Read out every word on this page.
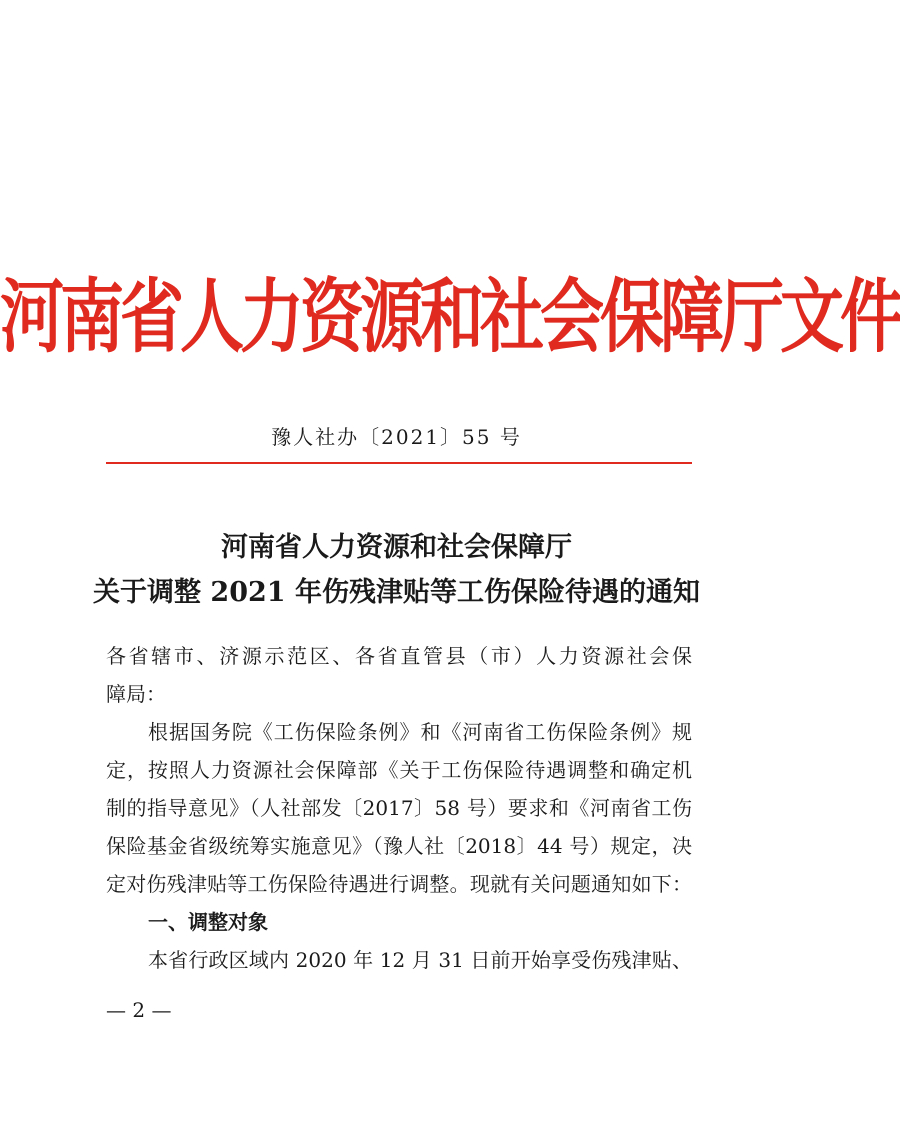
河南省人力资源和社会保障厅文件
豫人社办〔2021〕55 号
河南省人力资源和社会保障厅
关于调整 2021 年伤残津贴等工伤保险待遇的通知
各省辖市、济源示范区、各省直管县（市）人力资源社会保
障局：
根据国务院《工伤保险条例》和《河南省工伤保险条例》规
定，按照人力资源社会保障部《关于工伤保险待遇调整和确定机
制的指导意见》（人社部发〔2017〕58 号）要求和《河南省工伤
保险基金省级统筹实施意见》（豫人社〔2018〕44 号）规定，决
定对伤残津贴等工伤保险待遇进行调整。现就有关问题通知如下：
一、调整对象
本省行政区域内 2020 年 12 月 31 日前开始享受伤残津贴、
— 2 —
